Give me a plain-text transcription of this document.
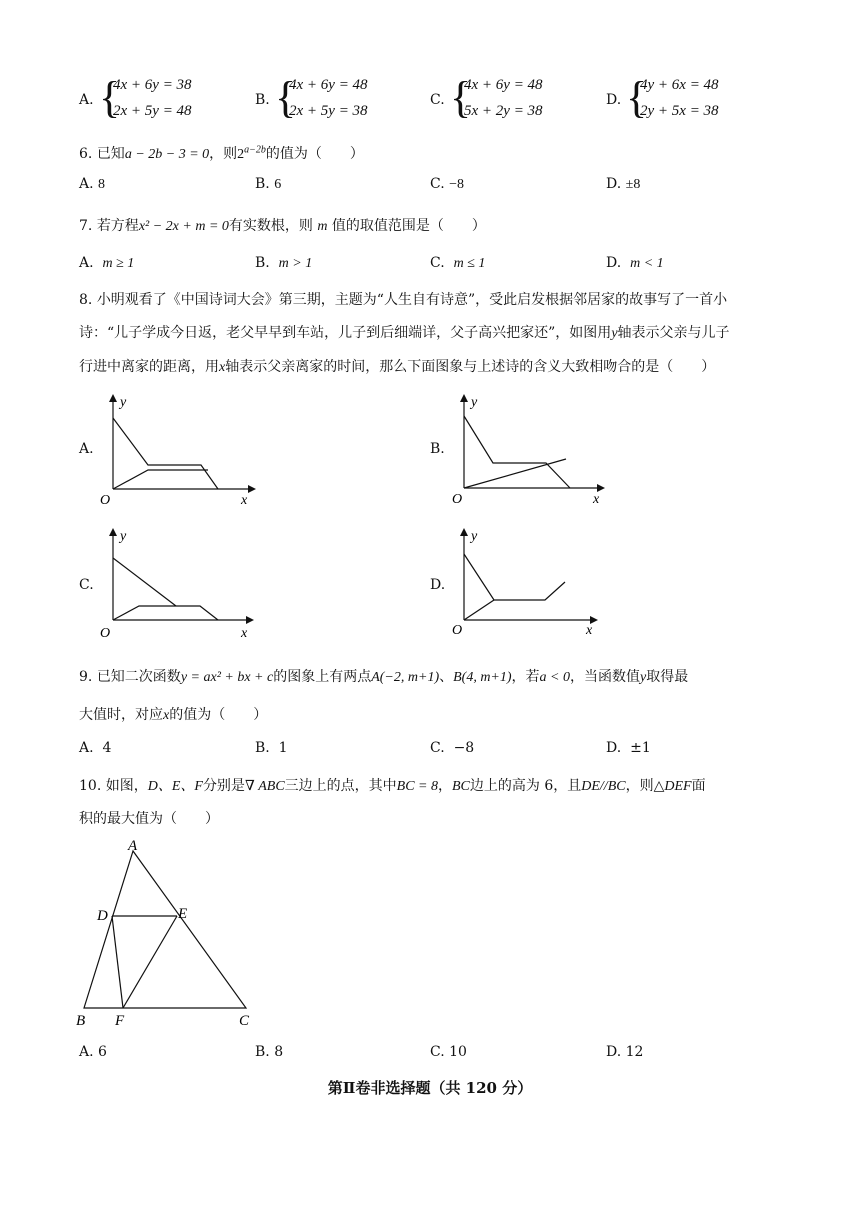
A. {
4x + 6y = 38
2x + 5y = 48
B. {
4x + 6y = 48
2x + 5y = 38
C. {
4x + 6y = 48
5x + 2y = 38
D. {
4y + 6x = 48
2y + 5x = 38
6. 已知a − 2b − 3 = 0，则$2^{a-2b}$的值为（　　）
A. 8	B. 6	C. −8	D. ±8
7. 若方程x² − 2x + m = 0有实数根，则 m 值的取值范围是（　　）
A. m ≥ 1	B. m > 1	C. m ≤ 1	D. m < 1
8. 小明观看了《中国诗词大会》第三期，主题为“人生自有诗意”，受此启发根据邻居家的故事写了一首小
诗：“儿子学成今日返，老父早早到车站，儿子到后细端详，父子高兴把家还”，如图用y轴表示父亲与儿子
行进中离家的距离，用x轴表示父亲离家的时间，那么下面图象与上述诗的含义大致相吻合的是（　　）
A.
y
O	x
B.
y
O	x
C.
y
O	x
D.
y
O	x
9. 已知二次函数y = ax² + bx + c的图象上有两点A(−2, m+1)、B(4, m+1)，若a < 0，当函数值y取得最
大值时，对应x的值为（　　）
A. 4	B. 1	C. −8	D. ±1
10. 如图，D、E、F分别是∇ ABC三边上的点，其中BC = 8，BC边上的高为 6，且DE//BC，则△DEF面
积的最大值为（　　）
A
B	C
D	E
F
A. 6	B. 8	C. 10	D. 12
第Ⅱ卷非选择题（共 120 分）
